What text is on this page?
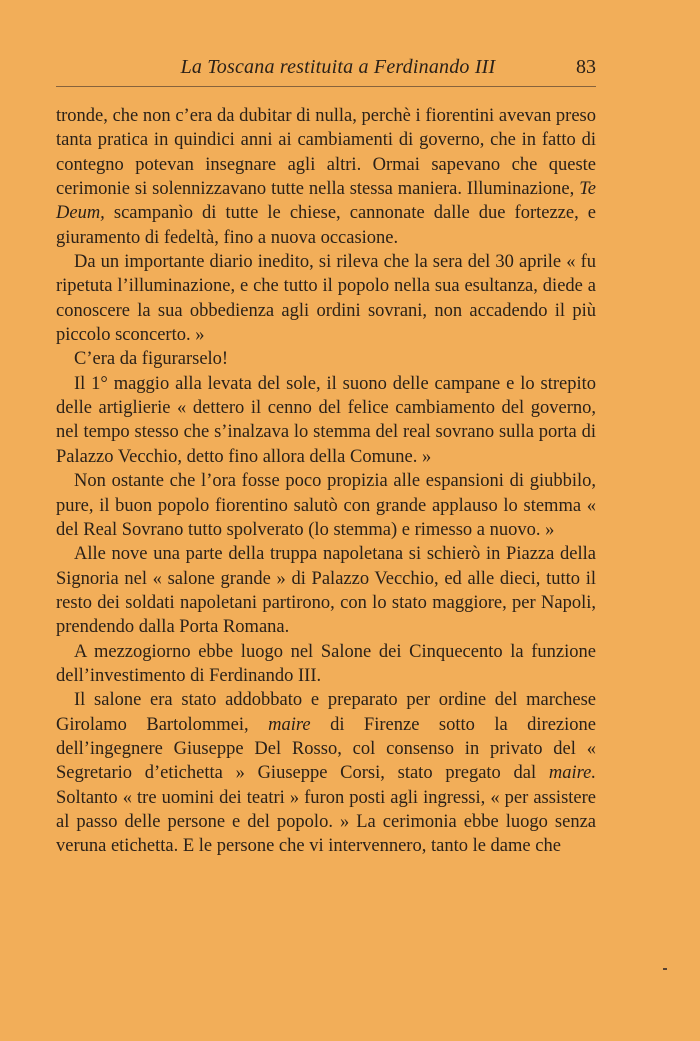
La Toscana restituita a Ferdinando III	83

tronde, che non c’era da dubitar di nulla, perchè i fiorentini avevan preso tanta pratica in quindici anni ai cambiamenti di governo, che in fatto di contegno potevan insegnare agli altri. Ormai sapevano che queste cerimonie si solennizzavano tutte nella stessa maniera. Illuminazione, Te Deum, scampanìo di tutte le chiese, cannonate dalle due fortezze, e giuramento di fedeltà, fino a nuova occasione.

Da un importante diario inedito, si rileva che la sera del 30 aprile « fu ripetuta l’illuminazione, e che tutto il popolo nella sua esultanza, diede a conoscere la sua obbedienza agli ordini sovrani, non accadendo il più piccolo sconcerto. »

C’era da figurarselo!

Il 1° maggio alla levata del sole, il suono delle campane e lo strepito delle artiglierie « dettero il cenno del felice cambiamento del governo, nel tempo stesso che s’inalzava lo stemma del real sovrano sulla porta di Palazzo Vecchio, detto fino allora della Comune. »

Non ostante che l’ora fosse poco propizia alle espansioni di giubbilo, pure, il buon popolo fiorentino salutò con grande applauso lo stemma « del Real Sovrano tutto spolverato (lo stemma) e rimesso a nuovo. »

Alle nove una parte della truppa napoletana si schierò in Piazza della Signoria nel « salone grande » di Palazzo Vecchio, ed alle dieci, tutto il resto dei soldati napoletani partirono, con lo stato maggiore, per Napoli, prendendo dalla Porta Romana.

A mezzogiorno ebbe luogo nel Salone dei Cinquecento la funzione dell’investimento di Ferdinando III.

Il salone era stato addobbato e preparato per ordine del marchese Girolamo Bartolommei, maire di Firenze sotto la direzione dell’ingegnere Giuseppe Del Rosso, col consenso in privato del « Segretario d’etichetta » Giuseppe Corsi, stato pregato dal maire. Soltanto « tre uomini dei teatri » furon posti agli ingressi, « per assistere al passo delle persone e del popolo. » La cerimonia ebbe luogo senza veruna etichetta. E le persone che vi intervennero, tanto le dame che
